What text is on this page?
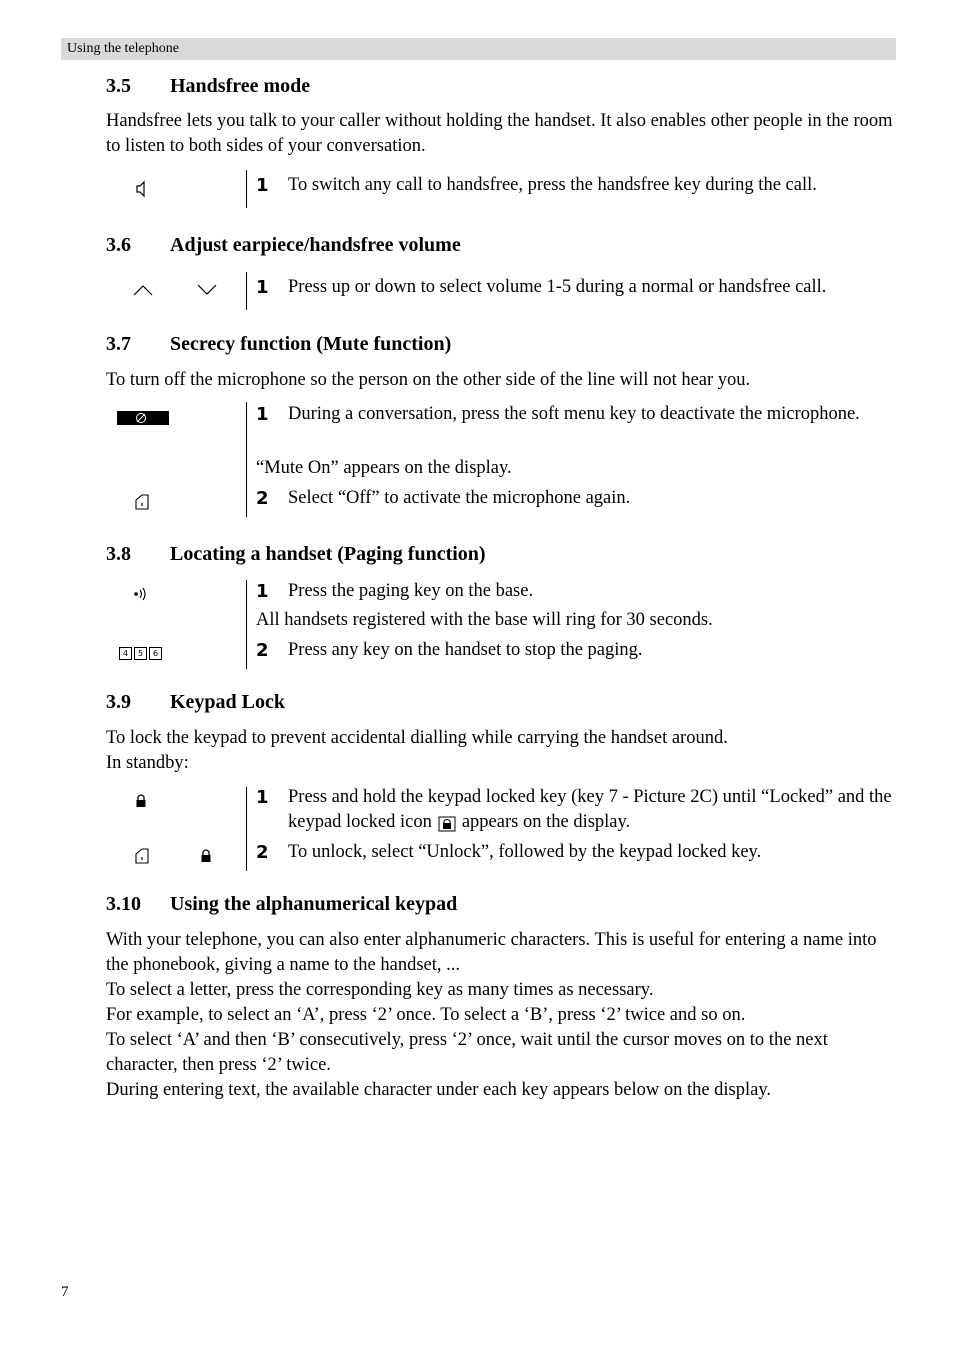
Using the telephone
3.5 Handsfree mode
Handsfree lets you talk to your caller without holding the handset. It also enables other people in the room to listen to both sides of your conversation.
1 To switch any call to handsfree, press the handsfree key during the call.
3.6 Adjust earpiece/handsfree volume
1 Press up or down to select volume 1-5 during a normal or handsfree call.
3.7 Secrecy function (Mute function)
To turn off the microphone so the person on the other side of the line will not hear you.
1 During a conversation, press the soft menu key to deactivate the microphone.
“Mute On” appears on the display.
2 Select “Off” to activate the microphone again.
3.8 Locating a handset (Paging function)
4	5	6
1 Press the paging key on the base.
All handsets registered with the base will ring for 30 seconds.
2 Press any key on the handset to stop the paging.
3.9 Keypad Lock
To lock the keypad to prevent accidental dialling while carrying the handset around.
In standby:
1 Press and hold the keypad locked key (key 7 - Picture 2C) until “Locked” and the keypad locked icon appears on the display.
2 To unlock, select “Unlock”, followed by the keypad locked key.
3.10 Using the alphanumerical keypad
With your telephone, you can also enter alphanumeric characters. This is useful for entering a name into the phonebook, giving a name to the handset, ...
To select a letter, press the corresponding key as many times as necessary.
For example, to select an ‘A’, press ‘2’ once. To select a ‘B’, press ‘2’ twice and so on.
To select ‘A’ and then ‘B’ consecutively, press ‘2’ once, wait until the cursor moves on to the next character, then press ‘2’ twice.
During entering text, the available character under each key appears below on the display.
7
